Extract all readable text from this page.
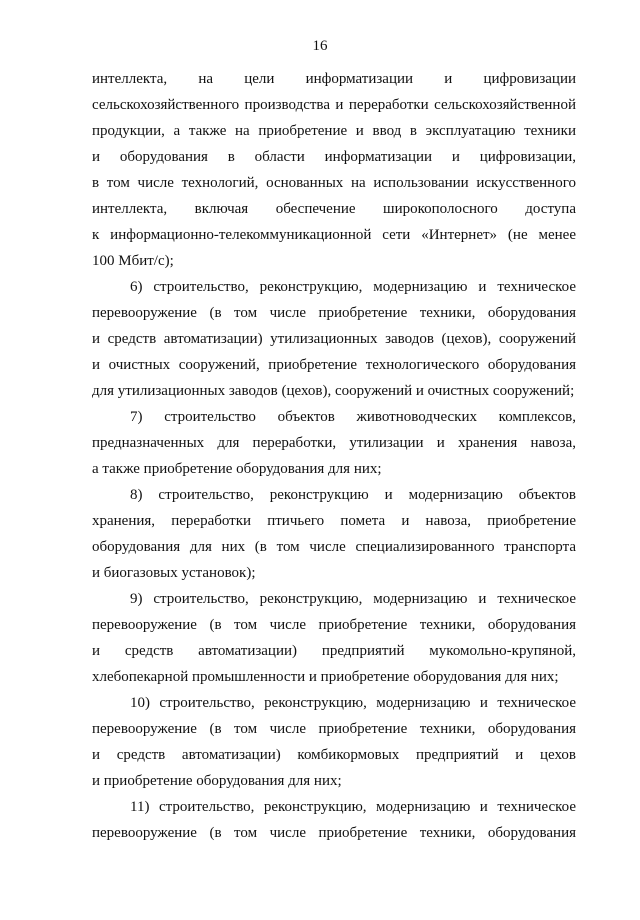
16
интеллекта, на цели информатизации и цифровизации
сельскохозяйственного производства и переработки сельскохозяйственной
продукции, а также на приобретение и ввод в эксплуатацию техники
и оборудования в области информатизации и цифровизации,
в том числе технологий, основанных на использовании искусственного
интеллекта, включая обеспечение широкополосного доступа
к информационно-телекоммуникационной сети «Интернет» (не менее
100 Мбит/с);
6) строительство, реконструкцию, модернизацию и техническое
перевооружение (в том числе приобретение техники, оборудования
и средств автоматизации) утилизационных заводов (цехов), сооружений
и очистных сооружений, приобретение технологического оборудования
для утилизационных заводов (цехов), сооружений и очистных сооружений;
7) строительство объектов животноводческих комплексов,
предназначенных для переработки, утилизации и хранения навоза,
а также приобретение оборудования для них;
8) строительство, реконструкцию и модернизацию объектов
хранения, переработки птичьего помета и навоза, приобретение
оборудования для них (в том числе специализированного транспорта
и биогазовых установок);
9) строительство, реконструкцию, модернизацию и техническое
перевооружение (в том числе приобретение техники, оборудования
и средств автоматизации) предприятий мукомольно-крупяной,
хлебопекарной промышленности и приобретение оборудования для них;
10) строительство, реконструкцию, модернизацию и техническое
перевооружение (в том числе приобретение техники, оборудования
и средств автоматизации) комбикормовых предприятий и цехов
и приобретение оборудования для них;
11) строительство, реконструкцию, модернизацию и техническое
перевооружение (в том числе приобретение техники, оборудования
